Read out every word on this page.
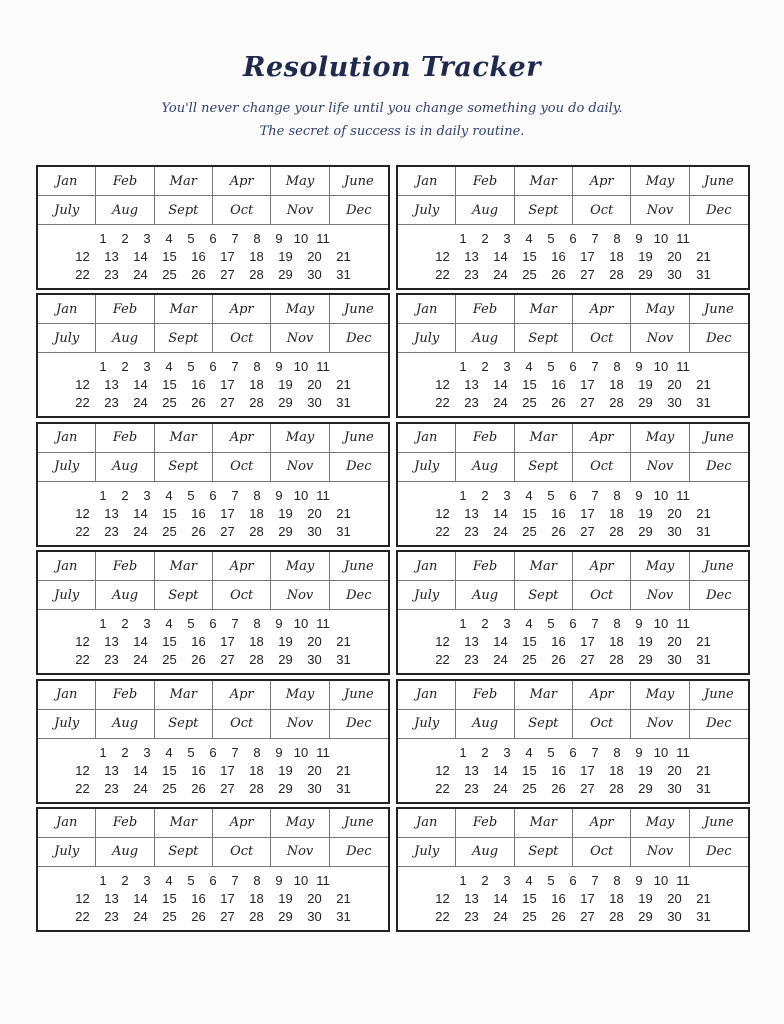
Resolution Tracker
You'll never change your life until you change something you do daily.
The secret of success is in daily routine.
Jan	Feb	Mar	Apr	May	June
July	Aug	Sept	Oct	Nov	Dec
1	2	3	4	5	6	7	8	9 10 11
12	13	14	15	16	17	18	19	20	21
22	23	24	25	26	27	28	29	30	31
Jan	Feb	Mar	Apr	May	June
July	Aug	Sept	Oct	Nov	Dec
1	2	3	4	5	6	7	8	9 10 11
12	13	14	15	16	17	18	19	20	21
22	23	24	25	26	27	28	29	30	31
Jan	Feb	Mar	Apr	May	June
July	Aug	Sept	Oct	Nov	Dec
1	2	3	4	5	6	7	8	9 10 11
12	13	14	15	16	17	18	19	20	21
22	23	24	25	26	27	28	29	30	31
Jan	Feb	Mar	Apr	May	June
July	Aug	Sept	Oct	Nov	Dec
1	2	3	4	5	6	7	8	9 10 11
12	13	14	15	16	17	18	19	20	21
22	23	24	25	26	27	28	29	30	31
Jan	Feb	Mar	Apr	May	June
July	Aug	Sept	Oct	Nov	Dec
1	2	3	4	5	6	7	8	9 10 11
12	13	14	15	16	17	18	19	20	21
22	23	24	25	26	27	28	29	30	31
Jan	Feb	Mar	Apr	May	June
July	Aug	Sept	Oct	Nov	Dec
1	2	3	4	5	6	7	8	9 10 11
12	13	14	15	16	17	18	19	20	21
22	23	24	25	26	27	28	29	30	31
Jan	Feb	Mar	Apr	May	June
July	Aug	Sept	Oct	Nov	Dec
1	2	3	4	5	6	7	8	9 10 11
12	13	14	15	16	17	18	19	20	21
22	23	24	25	26	27	28	29	30	31
Jan	Feb	Mar	Apr	May	June
July	Aug	Sept	Oct	Nov	Dec
1	2	3	4	5	6	7	8	9 10 11
12	13	14	15	16	17	18	19	20	21
22	23	24	25	26	27	28	29	30	31
Jan	Feb	Mar	Apr	May	June
July	Aug	Sept	Oct	Nov	Dec
1	2	3	4	5	6	7	8	9 10 11
12	13	14	15	16	17	18	19	20	21
22	23	24	25	26	27	28	29	30	31
Jan	Feb	Mar	Apr	May	June
July	Aug	Sept	Oct	Nov	Dec
1	2	3	4	5	6	7	8	9 10 11
12	13	14	15	16	17	18	19	20	21
22	23	24	25	26	27	28	29	30	31
Jan	Feb	Mar	Apr	May	June
July	Aug	Sept	Oct	Nov	Dec
1	2	3	4	5	6	7	8	9 10 11
12	13	14	15	16	17	18	19	20	21
22	23	24	25	26	27	28	29	30	31
Jan	Feb	Mar	Apr	May	June
July	Aug	Sept	Oct	Nov	Dec
1	2	3	4	5	6	7	8	9 10 11
12	13	14	15	16	17	18	19	20	21
22	23	24	25	26	27	28	29	30	31
